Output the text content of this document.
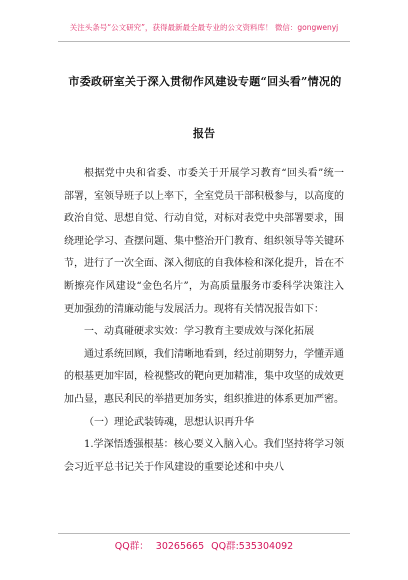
关注头条号“公文研究”，获得最新最全最专业的公文资料库！ 微信：gongwenyj
市委政研室关于深入贯彻作风建设专题“回头看”情况的
报告

根据党中央和省委、市委关于开展学习教育“回头看”统一部署，室领导班子以上率下，全室党员干部积极参与，以高度的政治自觉、思想自觉、行动自觉，对标对表党中央部署要求，围绕理论学习、查摆问题、集中整治开门教育、组织领导等关键环节，进行了一次全面、深入彻底的自我体检和深化提升，旨在不断擦亮作风建设“金色名片”，为高质量服务市委科学决策注入更加强劲的清廉动能与发展活力。现将有关情况报告如下：

一、动真碰硬求实效：学习教育主要成效与深化拓展

通过系统回顾，我们清晰地看到，经过前期努力，学懂弄通的根基更加牢固，检视整改的靶向更加精准，集中攻坚的成效更加凸显，惠民利民的举措更加务实，组织推进的体系更加严密。

（一）理论武装铸魂，思想认识再升华

1.学深悟透强根基：核心要义入脑入心。我们坚持将学习领会习近平总书记关于作风建设的重要论述和中央八

QQ群： 30265665 QQ群:535304092
